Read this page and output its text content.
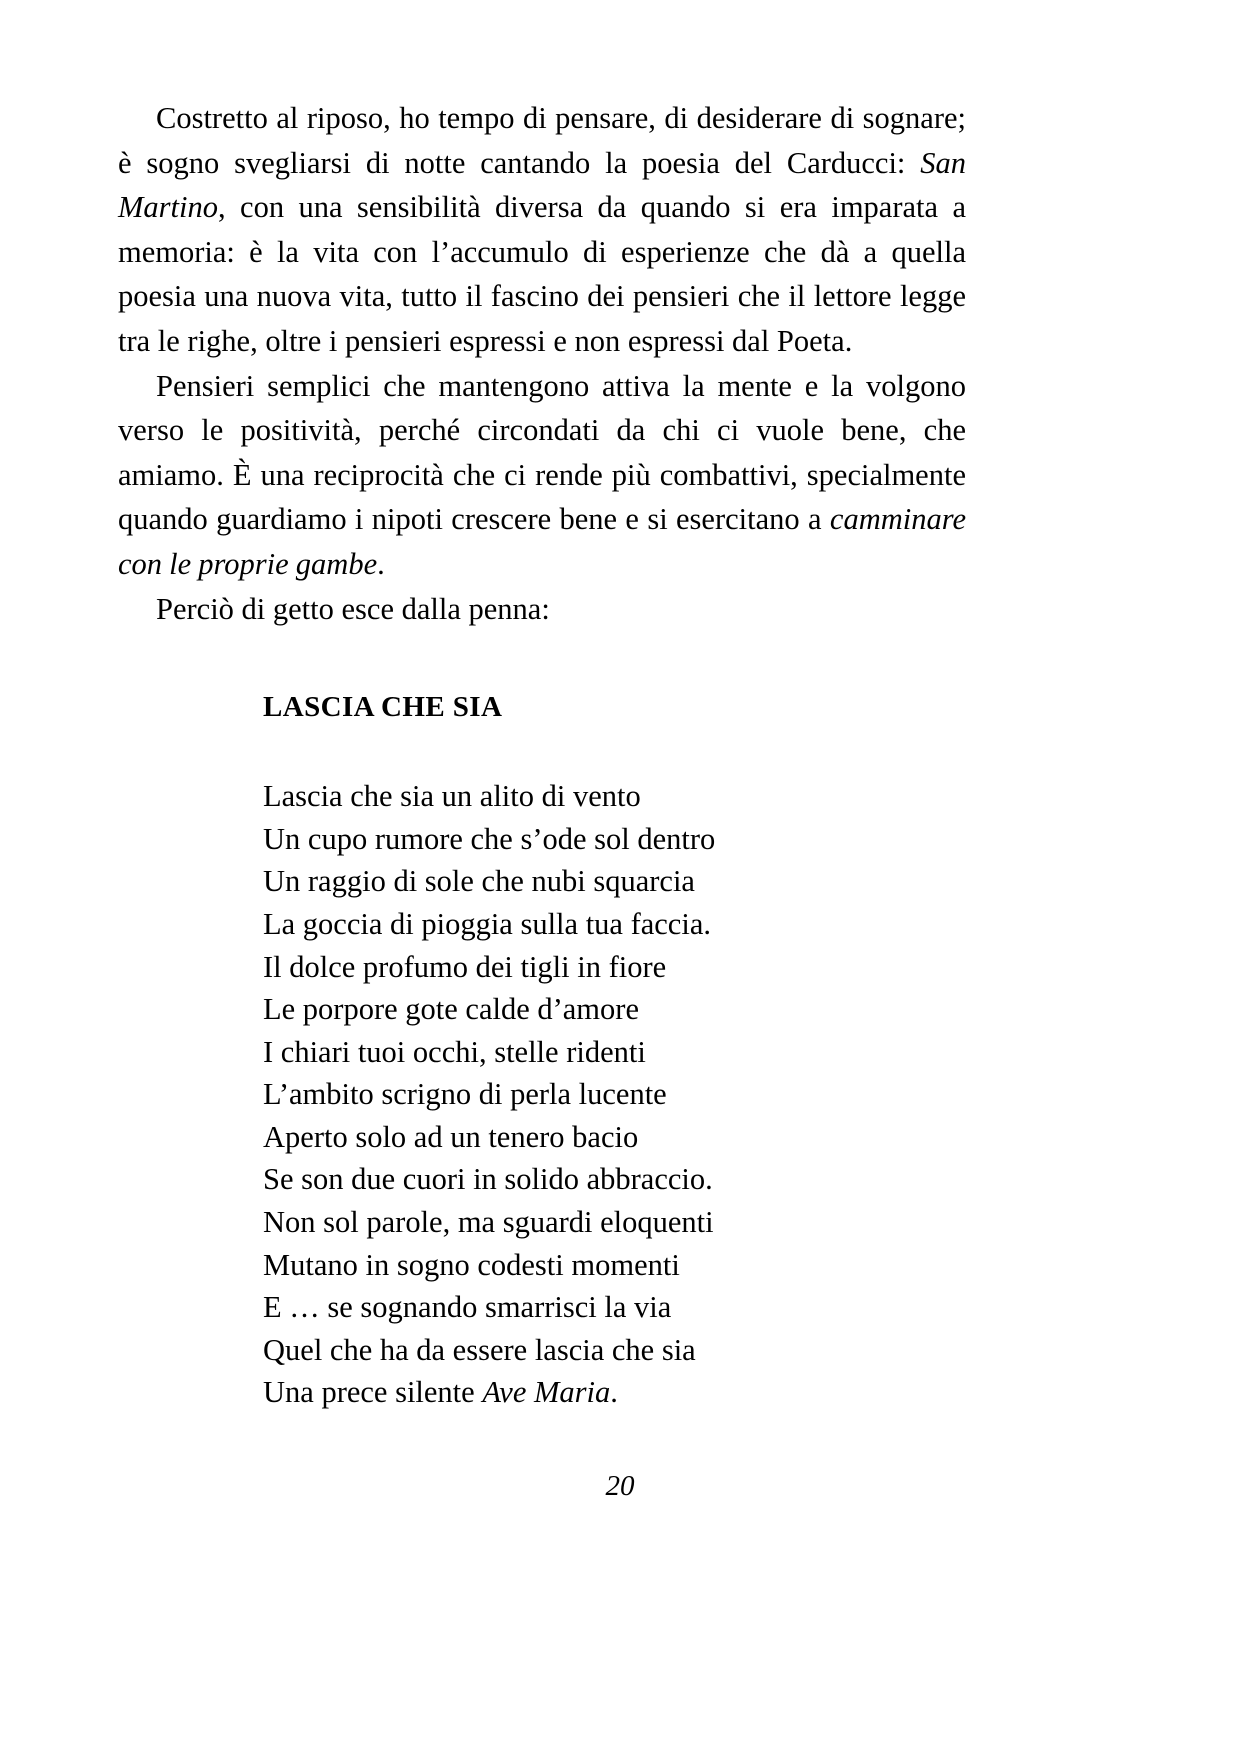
Costretto al riposo, ho tempo di pensare, di desiderare di sognare; è sogno svegliarsi di notte cantando la poesia del Carducci: San Martino, con una sensibilità diversa da quando si era imparata a memoria: è la vita con l’accumulo di esperienze che dà a quella poesia una nuova vita, tutto il fascino dei pensieri che il lettore legge tra le righe, oltre i pensieri espressi e non espressi dal Poeta.

Pensieri semplici che mantengono attiva la mente e la volgono verso le positività, perché circondati da chi ci vuole bene, che amiamo. È una reciprocità che ci rende più combattivi, specialmente quando guardiamo i nipoti crescere bene e si esercitano a camminare con le proprie gambe.

Perciò di getto esce dalla penna:

LASCIA CHE SIA

Lascia che sia un alito di vento

Un cupo rumore che s’ode sol dentro

Un raggio di sole che nubi squarcia

La goccia di pioggia sulla tua faccia.

Il dolce profumo dei tigli in fiore

Le porpore gote calde d’amore

I chiari tuoi occhi, stelle ridenti

L’ambito scrigno di perla lucente

Aperto solo ad un tenero bacio

Se son due cuori in solido abbraccio.

Non sol parole, ma sguardi eloquenti

Mutano in sogno codesti momenti

E … se sognando smarrisci la via

Quel che ha da essere lascia che sia

Una prece silente Ave Maria.

20
